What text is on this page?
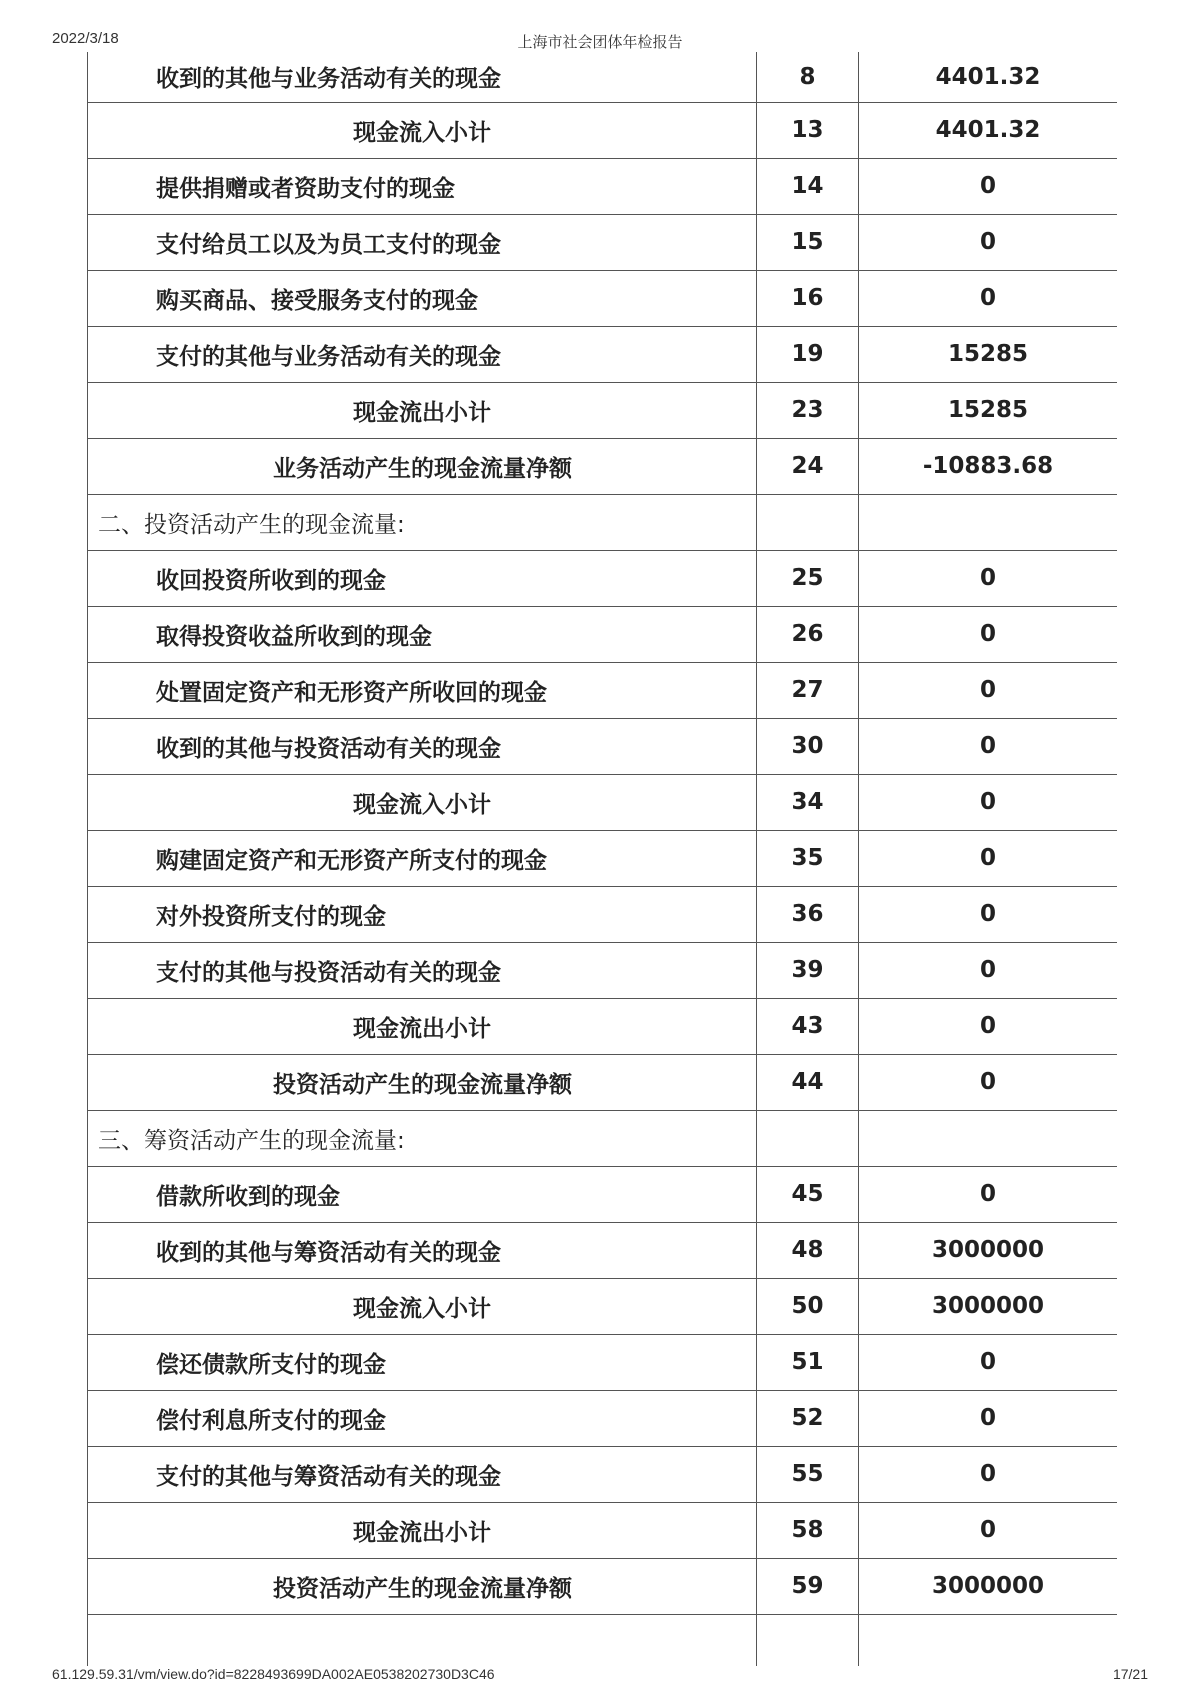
2022/3/18	上海市社会团体年检报告
收到的其他与业务活动有关的现金	8	4401.32
现金流入小计	13	4401.32
提供捐赠或者资助支付的现金	14	0
支付给员工以及为员工支付的现金	15	0
购买商品、接受服务支付的现金	16	0
支付的其他与业务活动有关的现金	19	15285
现金流出小计	23	15285
业务活动产生的现金流量净额	24	-10883.68
二、投资活动产生的现金流量:		
收回投资所收到的现金	25	0
取得投资收益所收到的现金	26	0
处置固定资产和无形资产所收回的现金	27	0
收到的其他与投资活动有关的现金	30	0
现金流入小计	34	0
购建固定资产和无形资产所支付的现金	35	0
对外投资所支付的现金	36	0
支付的其他与投资活动有关的现金	39	0
现金流出小计	43	0
投资活动产生的现金流量净额	44	0
三、筹资活动产生的现金流量:		
借款所收到的现金	45	0
收到的其他与筹资活动有关的现金	48	3000000
现金流入小计	50	3000000
偿还债款所支付的现金	51	0
偿付利息所支付的现金	52	0
支付的其他与筹资活动有关的现金	55	0
现金流出小计	58	0
投资活动产生的现金流量净额	59	3000000

61.129.59.31/vm/view.do?id=8228493699DA002AE0538202730D3C46	17/21
